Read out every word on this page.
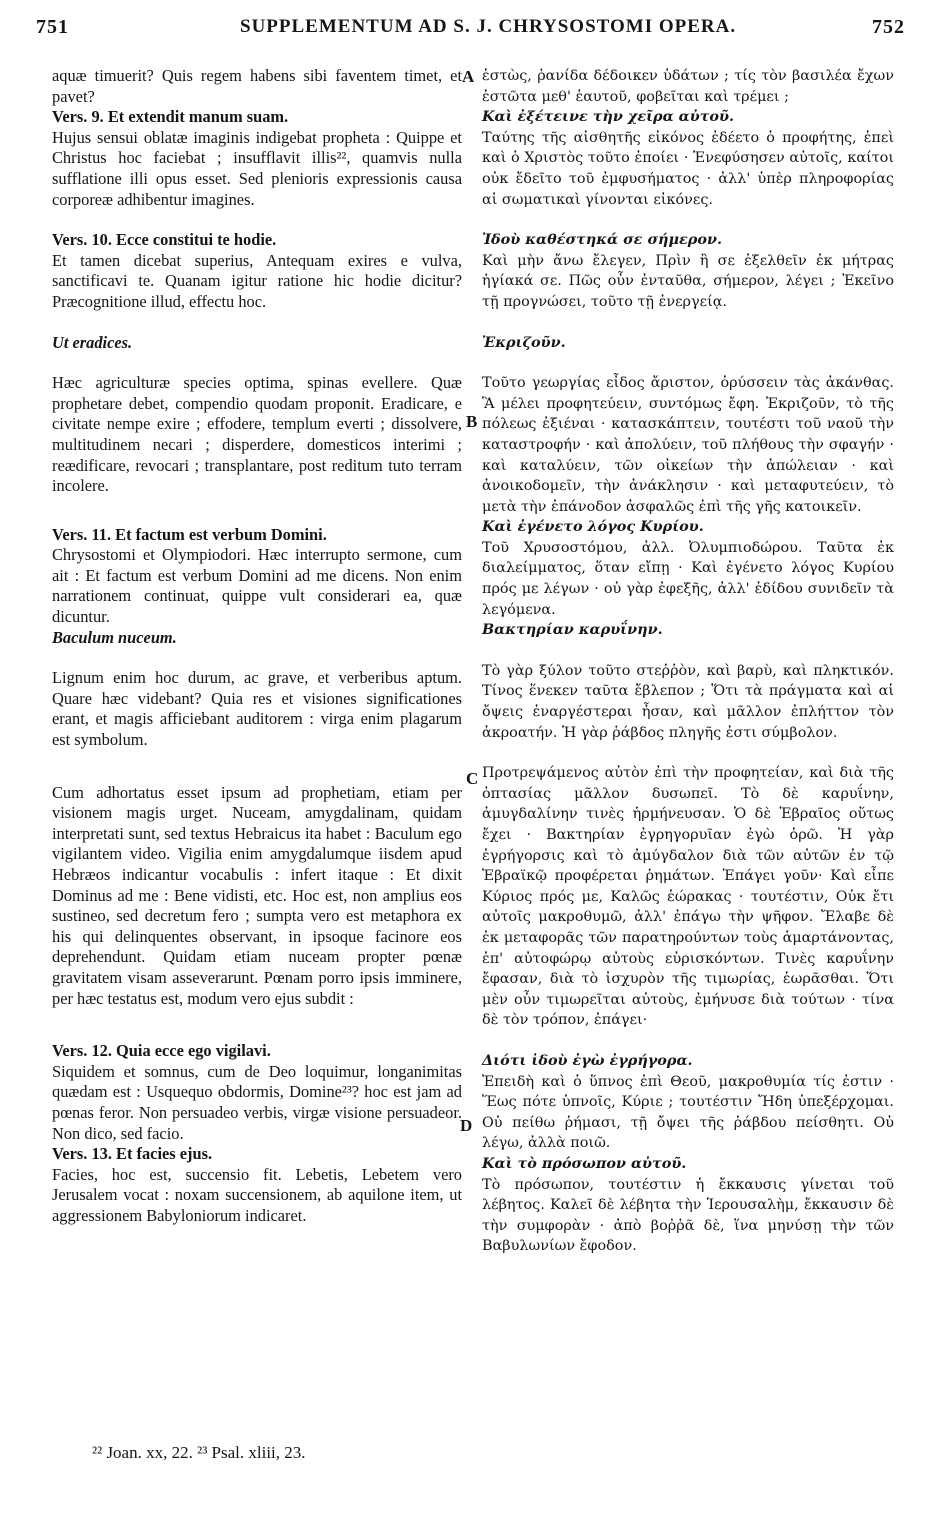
751	SUPPLEMENTUM AD S. J. CHRYSOSTOMI OPERA.	752

aquæ timuerit? Quis regem habens sibi faventem timet, et pavet?

Vers. 9. Et extendit manum suam.

Hujus sensui oblatæ imaginis indigebat propheta : Quippe et Christus hoc faciebat ; insufflavit illis²², quamvis nulla sufflatione illi opus esset. Sed plenioris expressionis causa corporeæ adhibentur imagines.

Vers. 10. Ecce constitui te hodie.

Et tamen dicebat superius, Antequam exires e vulva, sanctificavi te. Quanam igitur ratione hic hodie dicitur? Præcognitione illud, effectu hoc.

Ut eradices.

Hæc agriculturæ species optima, spinas evellere. Quæ prophetare debet, compendio quodam proponit. Eradicare, e civitate nempe exire ; effodere, templum everti ; dissolvere, multitudinem necari ; disperdere, domesticos interimi ; reædificare, revocari ; transplantare, post reditum tuto terram incolere.

Vers. 11. Et factum est verbum Domini.

Chrysostomi et Olympiodori. Hæc interrupto sermone, cum ait : Et factum est verbum Domini ad me dicens. Non enim narrationem continuat, quippe vult considerari ea, quæ dicuntur.

Baculum nuceum.

Lignum enim hoc durum, ac grave, et verberibus aptum. Quare hæc videbant? Quia res et visiones significationes erant, et magis afficiebant auditorem : virga enim plagarum est symbolum.

Cum adhortatus esset ipsum ad prophetiam, etiam per visionem magis urget. Nuceam, amygdalinam, quidam interpretati sunt, sed textus Hebraicus ita habet : Baculum ego vigilantem video. Vigilia enim amygdalumque iisdem apud Hebræos indicantur vocabulis : infert itaque : Et dixit Dominus ad me : Bene vidisti, etc. Hoc est, non amplius eos sustineo, sed decretum fero ; sumpta vero est metaphora ex his qui delinquentes observant, in ipsoque facinore eos deprehendunt. Quidam etiam nuceam propter pœnæ gravitatem visam asseverarunt. Pœnam porro ipsis imminere, per hæc testatus est, modum vero ejus subdit :

Vers. 12. Quia ecce ego vigilavi.

Siquidem et somnus, cum de Deo loquimur, longanimitas quædam est : Usquequo obdormis, Domine²³? hoc est jam ad pœnas feror. Non persuadeo verbis, virgæ visione persuadeor. Non dico, sed facio.

Vers. 13. Et facies ejus.

Facies, hoc est, succensio fit. Lebetis, Lebetem vero Jerusalem vocat : noxam succensionem, ab aquilone item, ut aggressionem Babyloniorum indicaret.

A
B
C
D

ἑστὼς, ῥανίδα δέδοικεν ὑδάτων ; τίς τὸν βασιλέα ἔχων ἑστῶτα μεθ' ἑαυτοῦ, φοβεῖται καὶ τρέμει ;

Καὶ ἐξέτεινε τὴν χεῖρα αὐτοῦ.

Ταύτης τῆς αἰσθητῆς εἰκόνος ἐδέετο ὁ προφήτης, ἐπεὶ καὶ ὁ Χριστὸς τοῦτο ἐποίει · Ἐνεφύσησεν αὐτοῖς, καίτοι οὐκ ἔδεῖτο τοῦ ἐμφυσήματος · ἀλλ' ὑπὲρ πληροφορίας αἱ σωματικαὶ γίνονται εἰκόνες.

Ἰδοὺ καθέστηκά σε σήμερον.

Καὶ μὴν ἄνω ἔλεγεν, Πρὶν ἢ σε ἐξελθεῖν ἐκ μήτρας ἡγίακά σε. Πῶς οὖν ἐνταῦθα, σήμερον, λέγει ; Ἐκεῖνο τῇ προγνώσει, τοῦτο τῇ ἐνεργείᾳ.

Ἐκριζοῦν.

Τοῦτο γεωργίας εἶδος ἄριστον, ὀρύσσειν τὰς ἀκάνθας. Ἃ μέλει προφητεύειν, συντόμως ἔφη. Ἐκριζοῦν, τὸ τῆς πόλεως ἐξιέναι · κατασκάπτειν, τουτέστι τοῦ ναοῦ τὴν καταστροφήν · καὶ ἀπολύειν, τοῦ πλήθους τὴν σφαγήν · καὶ καταλύειν, τῶν οἰκείων τὴν ἀπώλειαν · καὶ ἀνοικοδομεῖν, τὴν ἀνάκλησιν · καὶ μεταφυτεύειν, τὸ μετὰ τὴν ἐπάνοδον ἀσφαλῶς ἐπὶ τῆς γῆς κατοικεῖν.

Καὶ ἐγένετο λόγος Κυρίου.

Τοῦ Χρυσοστόμου, ἀλλ. Ὀλυμπιοδώρου. Ταῦτα ἐκ διαλείμματος, ὅταν εἴπῃ · Καὶ ἐγένετο λόγος Κυρίου πρός με λέγων · οὐ γὰρ ἐφεξῆς, ἀλλ' ἐδίδου συνιδεῖν τὰ λεγόμενα.

Βακτηρίαν καρυΐνην.

Τὸ γὰρ ξύλον τοῦτο στεῤῥὸν, καὶ βαρὺ, καὶ πληκτικόν. Τίνος ἕνεκεν ταῦτα ἔβλεπον ; Ὅτι τὰ πράγματα καὶ αἱ ὄψεις ἐναργέστεραι ἦσαν, καὶ μᾶλλον ἐπλήττον τὸν ἀκροατήν. Ἡ γὰρ ῥάβδος πληγῆς ἐστι σύμβολον.

Προτρεψάμενος αὐτὸν ἐπὶ τὴν προφητείαν, καὶ διὰ τῆς ὀπτασίας μᾶλλον δυσωπεῖ. Τὸ δὲ καρυΐνην, ἀμυγδαλίνην τινὲς ἡρμήνευσαν. Ὁ δὲ Ἑβραῖος οὕτως ἔχει · Βακτηρίαν ἐγρηγορυῖαν ἐγὼ ὁρῶ. Ἡ γὰρ ἐγρήγορσις καὶ τὸ ἀμύγδαλον διὰ τῶν αὐτῶν ἐν τῷ Ἑβραϊκῷ προφέρεται ῥημάτων. Ἐπάγει γοῦν· Καὶ εἶπε Κύριος πρός με, Καλῶς ἑώρακας · τουτέστιν, Οὐκ ἔτι αὐτοῖς μακροθυμῶ, ἀλλ' ἐπάγω τὴν ψῆφον. Ἔλαβε δὲ ἐκ μεταφορᾶς τῶν παρατηρούντων τοὺς ἁμαρτάνοντας, ἐπ' αὐτοφώρῳ αὐτοὺς εὑρισκόντων. Τινὲς καρυΐνην ἔφασαν, διὰ τὸ ἰσχυρὸν τῆς τιμωρίας, ἑωρᾶσθαι. Ὅτι μὲν οὖν τιμωρεῖται αὐτοὺς, ἐμήνυσε διὰ τούτων · τίνα δὲ τὸν τρόπον, ἐπάγει·

Διότι ἰδοὺ ἐγὼ ἐγρήγορα.

Ἐπειδὴ καὶ ὁ ὕπνος ἐπὶ Θεοῦ, μακροθυμία τίς ἐστιν · Ἕως πότε ὑπνοῖς, Κύριε ; τουτέστιν Ἤδη ὑπεξέρχομαι. Οὐ πείθω ῥήμασι, τῇ ὄψει τῆς ῥάβδου πείσθητι. Οὐ λέγω, ἀλλὰ ποιῶ.

Καὶ τὸ πρόσωπον αὐτοῦ.

Τὸ πρόσωπον, τουτέστιν ἡ ἔκκαυσις γίνεται τοῦ λέβητος. Καλεῖ δὲ λέβητα τὴν Ἱερουσαλὴμ, ἔκκαυσιν δὲ τὴν συμφορὰν · ἀπὸ βοῤῥᾶ δὲ, ἵνα μηνύσῃ τὴν τῶν Βαβυλωνίων ἔφοδον.

²² Joan. xx, 22. ²³ Psal. xliii, 23.
